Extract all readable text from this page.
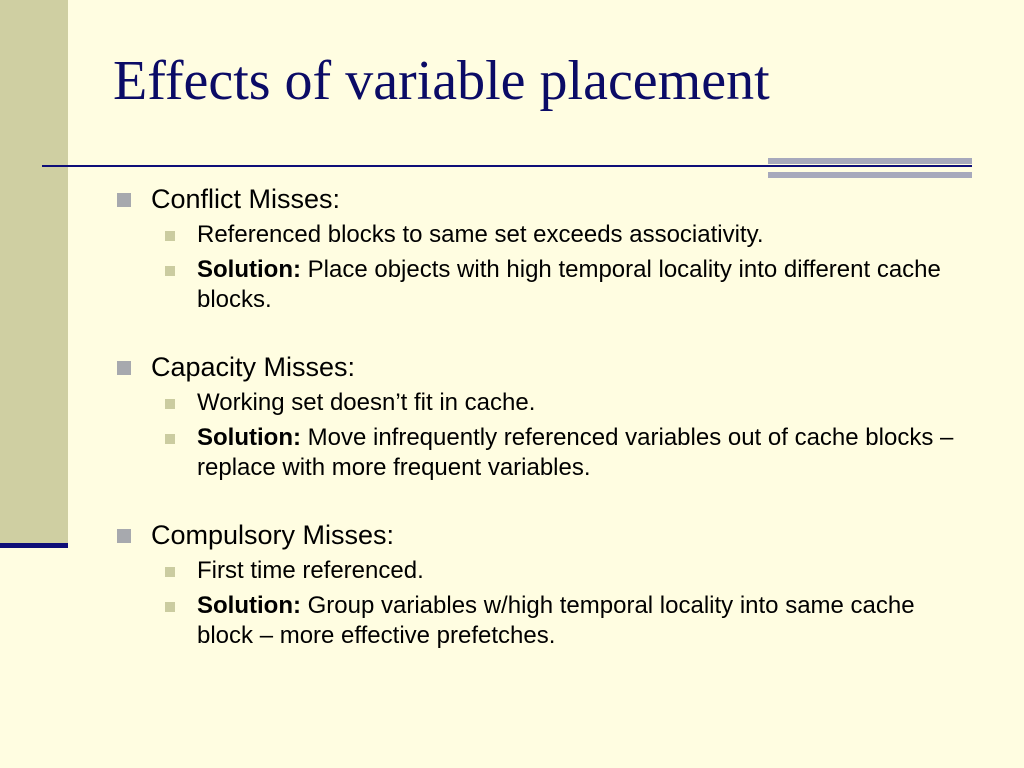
Effects of variable placement
Conflict Misses:
Referenced blocks to same set exceeds associativity.
Solution: Place objects with high temporal locality into different cache blocks.
Capacity Misses:
Working set doesn’t fit in cache.
Solution: Move infrequently referenced variables out of cache blocks – replace with more frequent variables.
Compulsory Misses:
First time referenced.
Solution: Group variables w/high temporal locality into same cache block – more effective prefetches.
